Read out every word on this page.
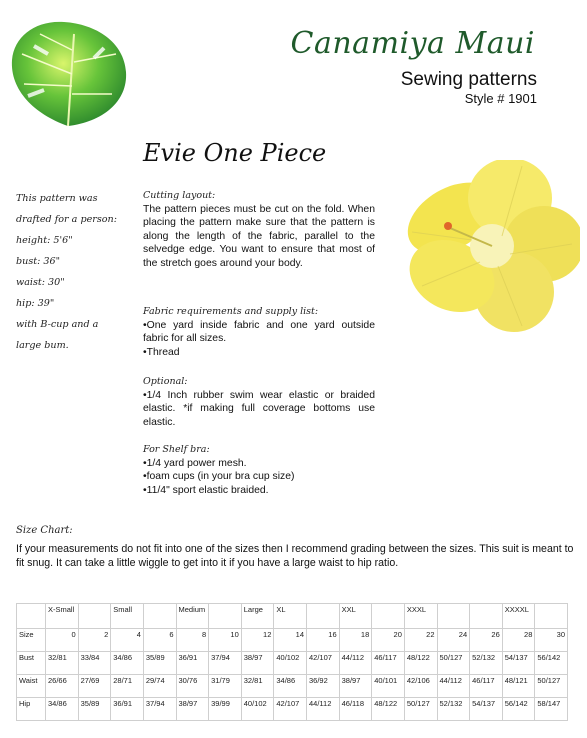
Canamiya Maui
Sewing patterns
Style # 1901
Evie One Piece
This pattern was
drafted for a person:
height: 5'6"
bust: 36"
waist: 30"
hip: 39"
with B-cup and a
large bum.
Cutting layout:

The pattern pieces must be cut on the fold. When placing the pattern make sure that the pattern is along the length of the fabric, parallel to the selvedge edge. You want to ensure that most of the stretch goes around your body.

Fabric requirements and supply list:

•One yard inside fabric and one yard outside fabric for all sizes.

•Thread

Optional:

•1/4 Inch rubber swim wear elastic or braided elastic. *if making full coverage bottoms use elastic.

For Shelf bra:

•1/4 yard power mesh.

•foam cups (in your bra cup size)

•11/4" sport elastic braided.

Size Chart:
If your measurements do not fit into one of the sizes then I recommend grading between the sizes. This suit is meant to fit snug. It can take a little wiggle to get into it if you have a large waist to hip ratio.
	X-Small		Small		Medium		Large	XL		XXL		XXXL			XXXXL	
Size	0	2	4	6	8	10	12	14	16	18	20	22	24	26	28	30
Bust	32/81	33/84	34/86	35/89	36/91	37/94	38/97	40/102	42/107	44/112	46/117	48/122	50/127	52/132	54/137	56/142
Waist	26/66	27/69	28/71	29/74	30/76	31/79	32/81	34/86	36/92	38/97	40/101	42/106	44/112	46/117	48/121	50/127
Hip	34/86	35/89	36/91	37/94	38/97	39/99	40/102	42/107	44/112	46/118	48/122	50/127	52/132	54/137	56/142	58/147
